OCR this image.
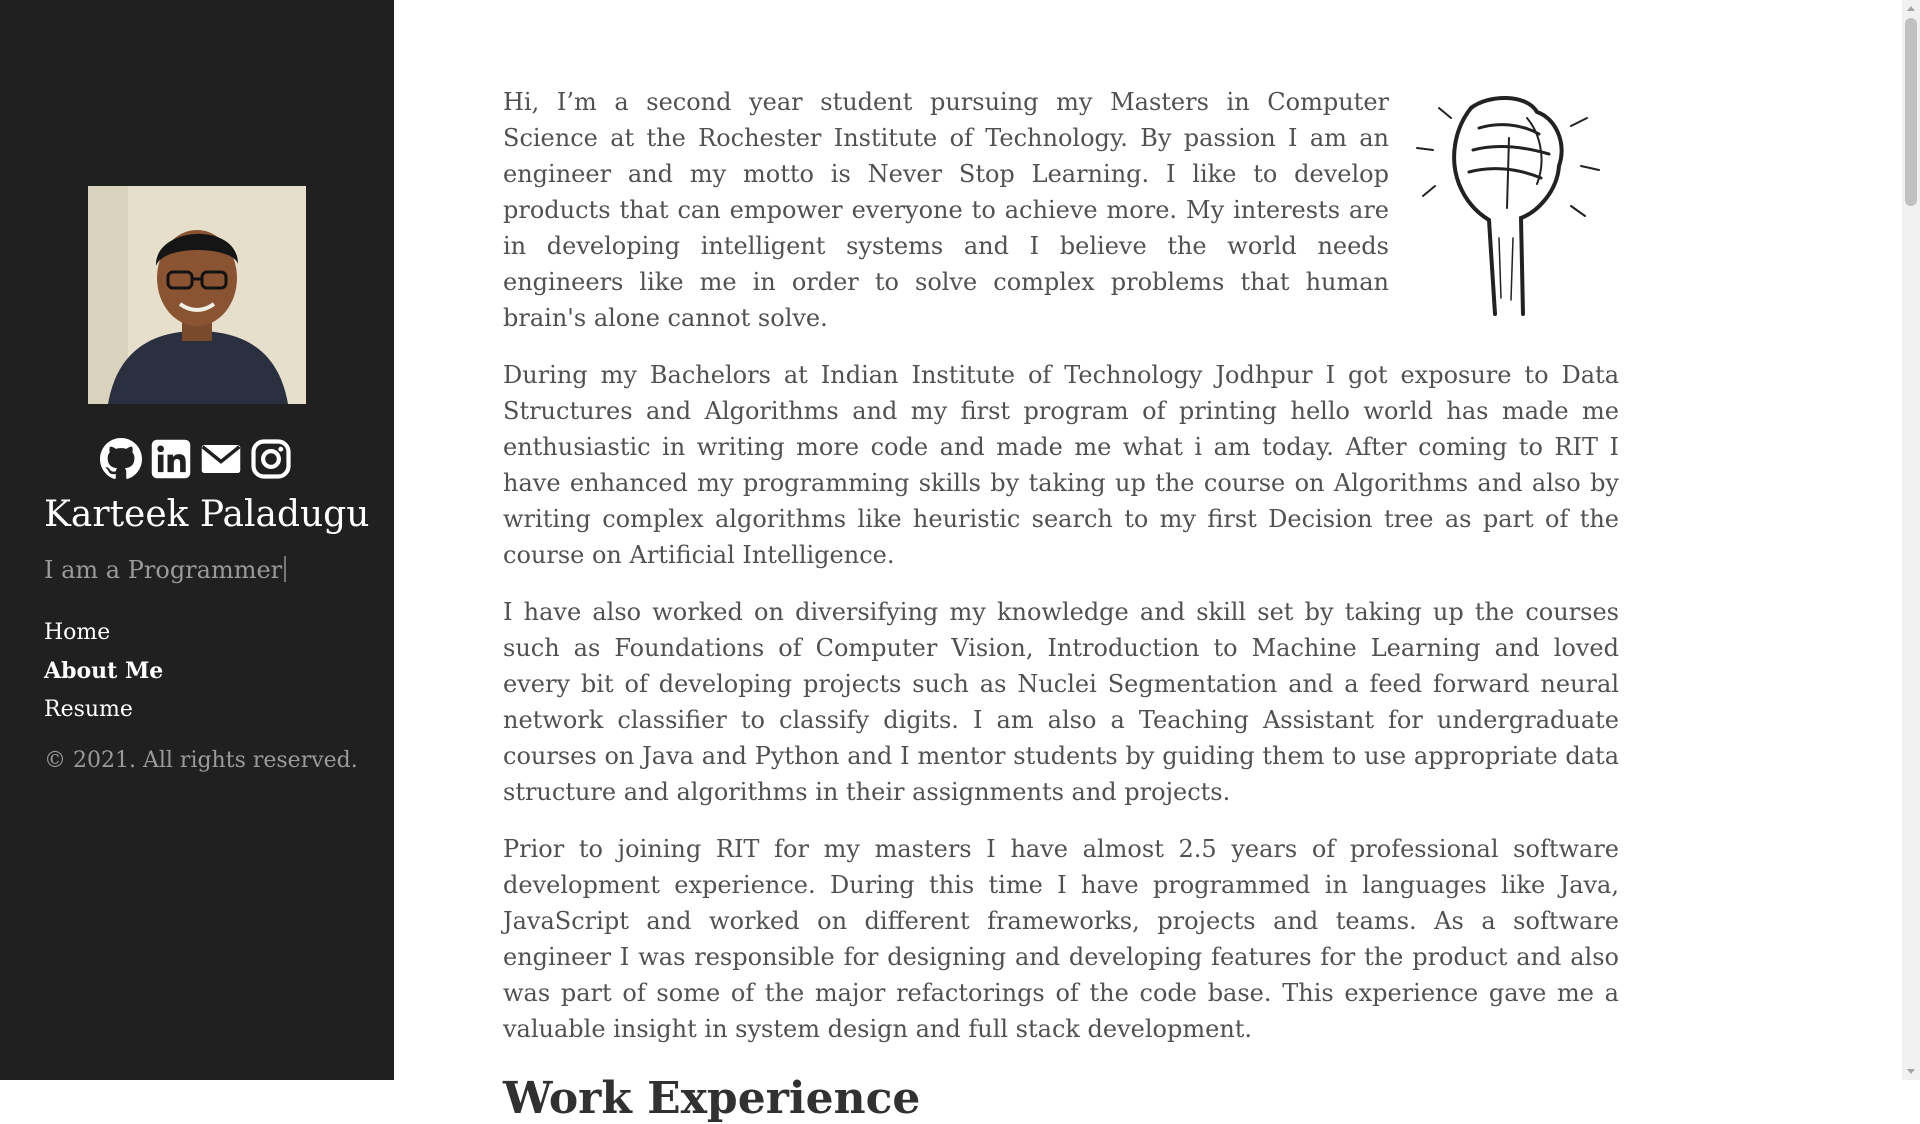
Karteek Paladugu
I am a Programmer
Home
About Me
Resume
© 2021. All rights reserved.

Hi, I’m a second year student pursuing my Masters in Computer Science at the Rochester Institute of Technology. By passion I am an engineer and my motto is Never Stop Learning. I like to develop products that can empower everyone to achieve more. My interests are in developing intelligent systems and I believe the world needs engineers like me in order to solve complex problems that human brain's alone cannot solve.

During my Bachelors at Indian Institute of Technology Jodhpur I got exposure to Data Structures and Algorithms and my first program of printing hello world has made me enthusiastic in writing more code and made me what i am today. After coming to RIT I have enhanced my programming skills by taking up the course on Algorithms and also by writing complex algorithms like heuristic search to my first Decision tree as part of the course on Artificial Intelligence.

I have also worked on diversifying my knowledge and skill set by taking up the courses such as Foundations of Computer Vision, Introduction to Machine Learning and loved every bit of developing projects such as Nuclei Segmentation and a feed forward neural network classifier to classify digits. I am also a Teaching Assistant for undergraduate courses on Java and Python and I mentor students by guiding them to use appropriate data structure and algorithms in their assignments and projects.

Prior to joining RIT for my masters I have almost 2.5 years of professional software development experience. During this time I have programmed in languages like Java, JavaScript and worked on different frameworks, projects and teams. As a software engineer I was responsible for designing and developing features for the product and also was part of some of the major refactorings of the code base. This experience gave me a valuable insight in system design and full stack development.

Work Experience
